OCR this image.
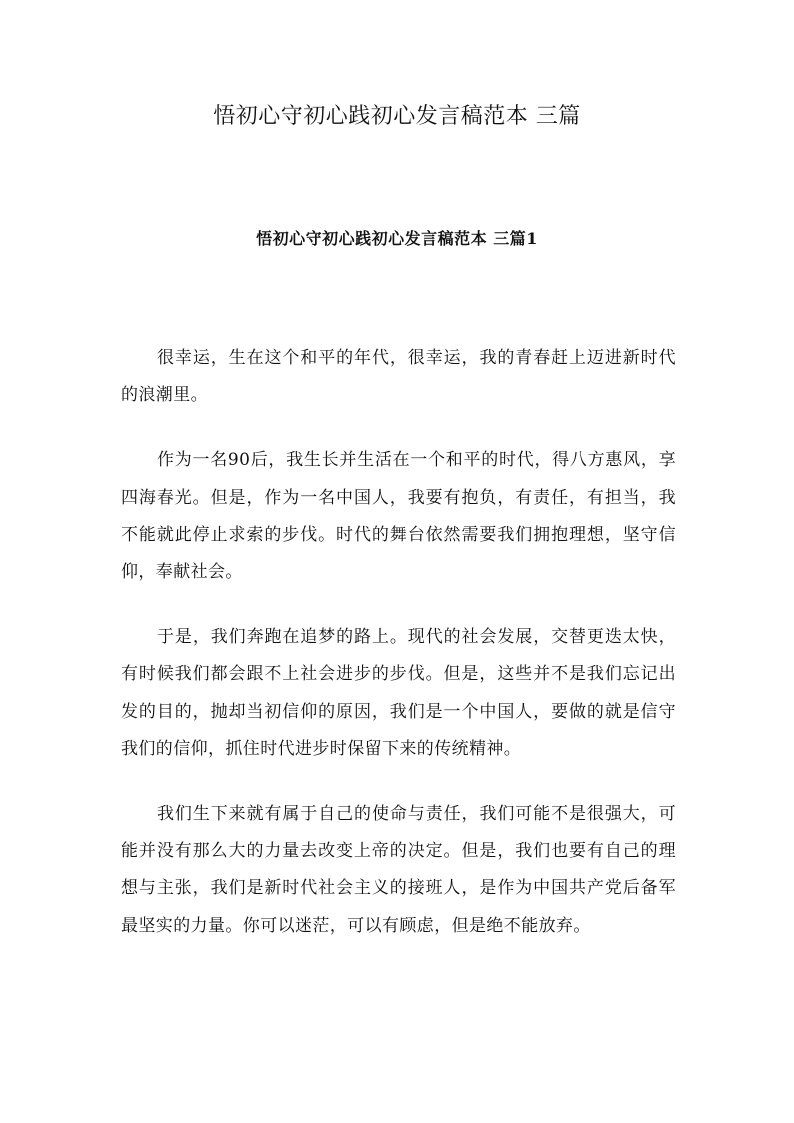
悟初心守初心践初心发言稿范本 三篇
悟初心守初心践初心发言稿范本 三篇1

很幸运，生在这个和平的年代，很幸运，我的青春赶上迈进新时代的浪潮里。

作为一名90后，我生长并生活在一个和平的时代，得八方惠风，享四海春光。但是，作为一名中国人，我要有抱负，有责任，有担当，我不能就此停止求索的步伐。时代的舞台依然需要我们拥抱理想，坚守信仰，奉献社会。

于是，我们奔跑在追梦的路上。现代的社会发展，交替更迭太快，有时候我们都会跟不上社会进步的步伐。但是，这些并不是我们忘记出发的目的，抛却当初信仰的原因，我们是一个中国人，要做的就是信守我们的信仰，抓住时代进步时保留下来的传统精神。

我们生下来就有属于自己的使命与责任，我们可能不是很强大，可能并没有那么大的力量去改变上帝的决定。但是，我们也要有自己的理想与主张，我们是新时代社会主义的接班人，是作为中国共产党后备军最坚实的力量。你可以迷茫，可以有顾虑，但是绝不能放弃。
